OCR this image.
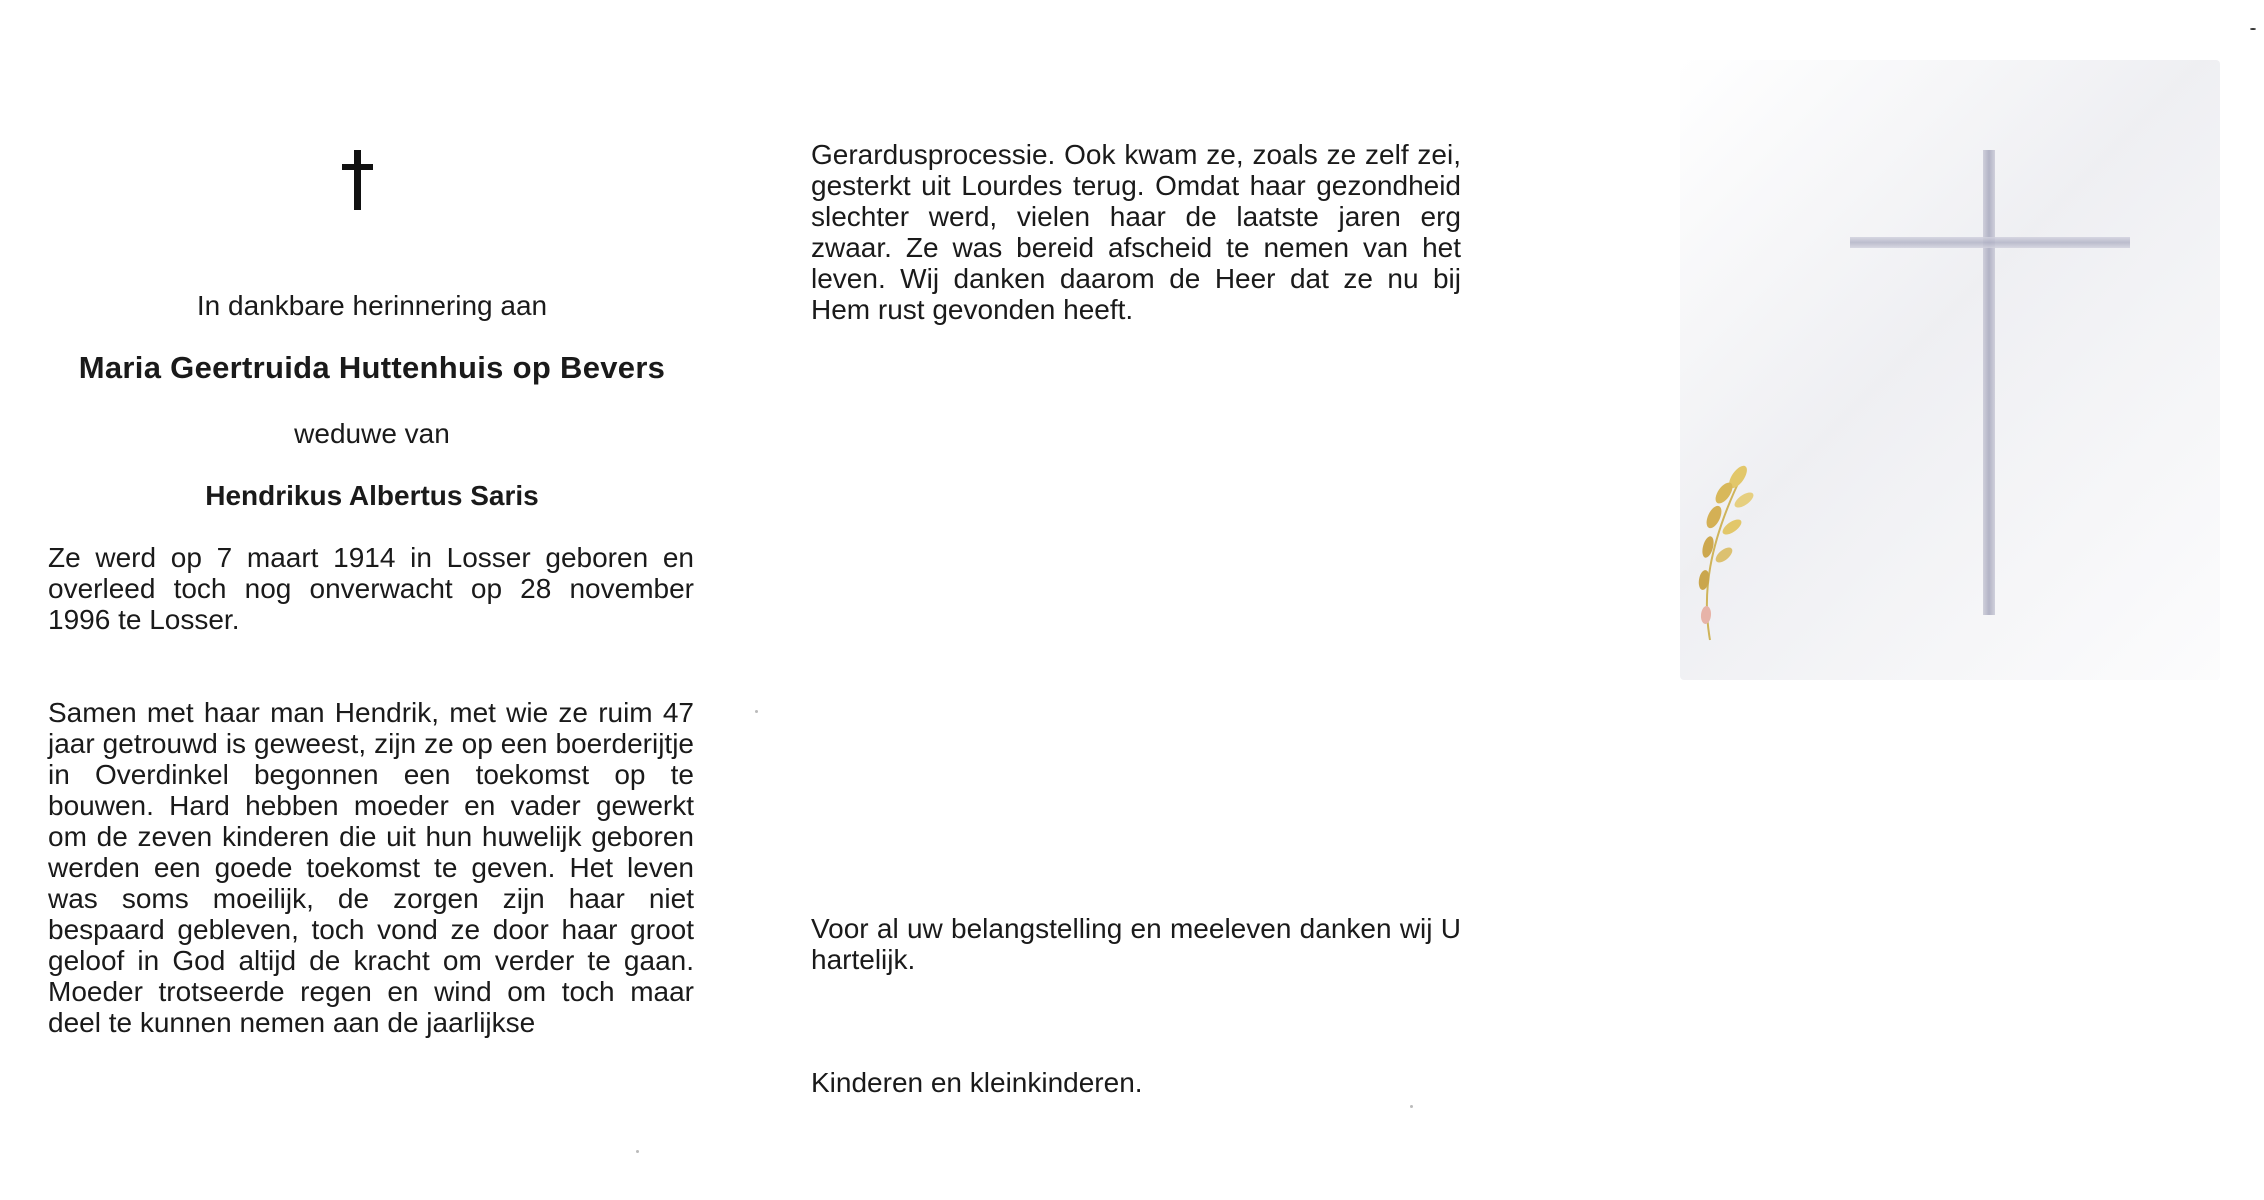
In dankbare herinnering aan
Maria Geertruida Huttenhuis op Bevers
weduwe van
Hendrikus Albertus Saris
Ze werd op 7 maart 1914 in Losser geboren en overleed toch nog onverwacht op 28 november 1996 te Losser.
Samen met haar man Hendrik, met wie ze ruim 47 jaar getrouwd is geweest, zijn ze op een boerderijtje in Overdinkel begonnen een toekomst op te bouwen. Hard hebben moeder en vader gewerkt om de zeven kinderen die uit hun huwelijk geboren werden een goede toekomst te geven. Het leven was soms moeilijk, de zorgen zijn haar niet bespaard gebleven, toch vond ze door haar groot geloof in God altijd de kracht om verder te gaan. Moeder trotseerde regen en wind om toch maar deel te kunnen nemen aan de jaarlijkse
Gerardusprocessie. Ook kwam ze, zoals ze zelf zei, gesterkt uit Lourdes terug. Omdat haar gezondheid slechter werd, vielen haar de laatste jaren erg zwaar. Ze was bereid afscheid te nemen van het leven. Wij danken daarom de Heer dat ze nu bij Hem rust gevonden heeft.
Voor al uw belangstelling en meeleven danken wij U hartelijk.
Kinderen en kleinkinderen.
